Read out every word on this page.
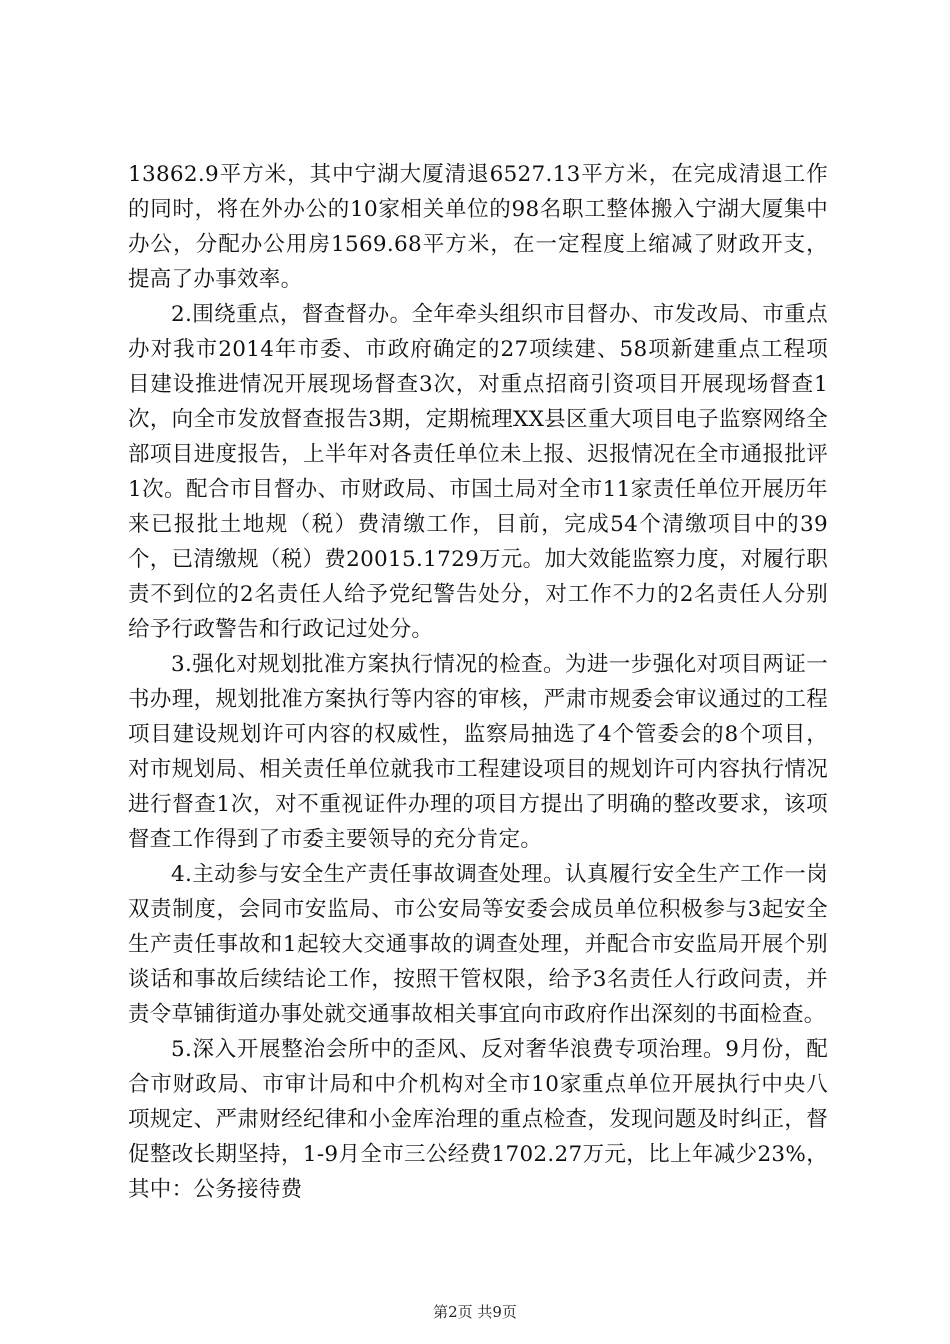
13862.9平方米，其中宁湖大厦清退6527.13平方米，在完成清退工作的同时，将在外办公的10家相关单位的98名职工整体搬入宁湖大厦集中办公，分配办公用房1569.68平方米，在一定程度上缩减了财政开支，提高了办事效率。

2.围绕重点，督查督办。全年牵头组织市目督办、市发改局、市重点办对我市2014年市委、市政府确定的27项续建、58项新建重点工程项目建设推进情况开展现场督查3次，对重点招商引资项目开展现场督查1次，向全市发放督查报告3期，定期梳理XX县区重大项目电子监察网络全部项目进度报告，上半年对各责任单位未上报、迟报情况在全市通报批评1次。配合市目督办、市财政局、市国土局对全市11家责任单位开展历年来已报批土地规（税）费清缴工作，目前，完成54个清缴项目中的39个，已清缴规（税）费20015.1729万元。加大效能监察力度，对履行职责不到位的2名责任人给予党纪警告处分，对工作不力的2名责任人分别给予行政警告和行政记过处分。

3.强化对规划批准方案执行情况的检查。为进一步强化对项目两证一书办理，规划批准方案执行等内容的审核，严肃市规委会审议通过的工程项目建设规划许可内容的权威性，监察局抽选了4个管委会的8个项目，对市规划局、相关责任单位就我市工程建设项目的规划许可内容执行情况进行督查1次，对不重视证件办理的项目方提出了明确的整改要求，该项督查工作得到了市委主要领导的充分肯定。

4.主动参与安全生产责任事故调查处理。认真履行安全生产工作一岗双责制度，会同市安监局、市公安局等安委会成员单位积极参与3起安全生产责任事故和1起较大交通事故的调查处理，并配合市安监局开展个别谈话和事故后续结论工作，按照干管权限，给予3名责任人行政问责，并责令草铺街道办事处就交通事故相关事宜向市政府作出深刻的书面检查。

5.深入开展整治会所中的歪风、反对奢华浪费专项治理。9月份，配合市财政局、市审计局和中介机构对全市10家重点单位开展执行中央八项规定、严肃财经纪律和小金库治理的重点检查，发现问题及时纠正，督促整改长期坚持，1-9月全市三公经费1702.27万元，比上年减少23%，其中：公务接待费

第2页 共9页
